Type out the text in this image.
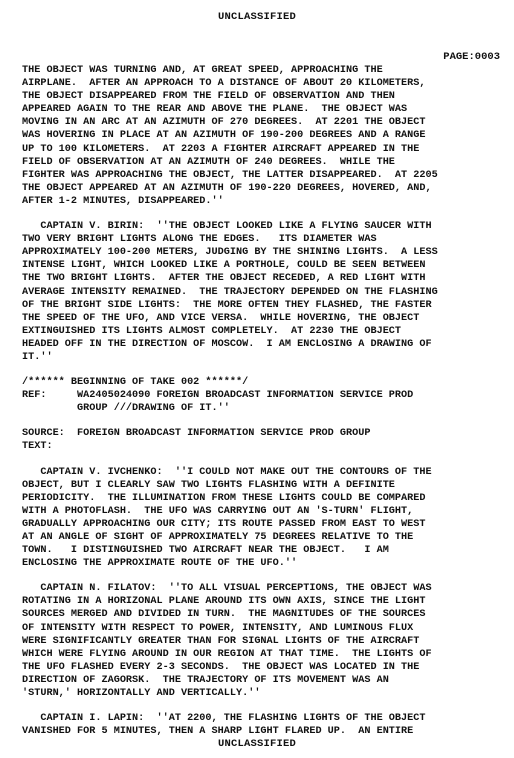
UNCLASSIFIED
PAGE:0003
THE OBJECT WAS TURNING AND, AT GREAT SPEED, APPROACHING THE
AIRPLANE.  AFTER AN APPROACH TO A DISTANCE OF ABOUT 20 KILOMETERS,
THE OBJECT DISAPPEARED FROM THE FIELD OF OBSERVATION AND THEN
APPEARED AGAIN TO THE REAR AND ABOVE THE PLANE.  THE OBJECT WAS
MOVING IN AN ARC AT AN AZIMUTH OF 270 DEGREES.  AT 2201 THE OBJECT
WAS HOVERING IN PLACE AT AN AZIMUTH OF 190-200 DEGREES AND A RANGE
UP TO 100 KILOMETERS.  AT 2203 A FIGHTER AIRCRAFT APPEARED IN THE
FIELD OF OBSERVATION AT AN AZIMUTH OF 240 DEGREES.  WHILE THE
FIGHTER WAS APPROACHING THE OBJECT, THE LATTER DISAPPEARED.  AT 2205
THE OBJECT APPEARED AT AN AZIMUTH OF 190-220 DEGREES, HOVERED, AND,
AFTER 1-2 MINUTES, DISAPPEARED.''
CAPTAIN V. BIRIN:  ''THE OBJECT LOOKED LIKE A FLYING SAUCER WITH
TWO VERY BRIGHT LIGHTS ALONG THE EDGES.   ITS DIAMETER WAS
APPROXIMATELY 100-200 METERS, JUDGING BY THE SHINING LIGHTS.  A LESS
INTENSE LIGHT, WHICH LOOKED LIKE A PORTHOLE, COULD BE SEEN BETWEEN
THE TWO BRIGHT LIGHTS.  AFTER THE OBJECT RECEDED, A RED LIGHT WITH
AVERAGE INTENSITY REMAINED.  THE TRAJECTORY DEPENDED ON THE FLASHING
OF THE BRIGHT SIDE LIGHTS:  THE MORE OFTEN THEY FLASHED, THE FASTER
THE SPEED OF THE UFO, AND VICE VERSA.  WHILE HOVERING, THE OBJECT
EXTINGUISHED ITS LIGHTS ALMOST COMPLETELY.  AT 2230 THE OBJECT
HEADED OFF IN THE DIRECTION OF MOSCOW.  I AM ENCLOSING A DRAWING OF
IT.''
/****** BEGINNING OF TAKE 002 ******/
REF:     WA2405024090 FOREIGN BROADCAST INFORMATION SERVICE PROD
GROUP ///DRAWING OF IT.''
SOURCE:  FOREIGN BROADCAST INFORMATION SERVICE PROD GROUP
TEXT:
CAPTAIN V. IVCHENKO:  ''I COULD NOT MAKE OUT THE CONTOURS OF THE
OBJECT, BUT I CLEARLY SAW TWO LIGHTS FLASHING WITH A DEFINITE
PERIODICITY.  THE ILLUMINATION FROM THESE LIGHTS COULD BE COMPARED
WITH A PHOTOFLASH.  THE UFO WAS CARRYING OUT AN 'S-TURN' FLIGHT,
GRADUALLY APPROACHING OUR CITY; ITS ROUTE PASSED FROM EAST TO WEST
AT AN ANGLE OF SIGHT OF APPROXIMATELY 75 DEGREES RELATIVE TO THE
TOWN.   I DISTINGUISHED TWO AIRCRAFT NEAR THE OBJECT.   I AM
ENCLOSING THE APPROXIMATE ROUTE OF THE UFO.''
CAPTAIN N. FILATOV:  ''TO ALL VISUAL PERCEPTIONS, THE OBJECT WAS
ROTATING IN A HORIZONAL PLANE AROUND ITS OWN AXIS, SINCE THE LIGHT
SOURCES MERGED AND DIVIDED IN TURN.  THE MAGNITUDES OF THE SOURCES
OF INTENSITY WITH RESPECT TO POWER, INTENSITY, AND LUMINOUS FLUX
WERE SIGNIFICANTLY GREATER THAN FOR SIGNAL LIGHTS OF THE AIRCRAFT
WHICH WERE FLYING AROUND IN OUR REGION AT THAT TIME.  THE LIGHTS OF
THE UFO FLASHED EVERY 2-3 SECONDS.  THE OBJECT WAS LOCATED IN THE
DIRECTION OF ZAGORSK.  THE TRAJECTORY OF ITS MOVEMENT WAS AN
'STURN,' HORIZONTALLY AND VERTICALLY.''
CAPTAIN I. LAPIN:  ''AT 2200, THE FLASHING LIGHTS OF THE OBJECT
VANISHED FOR 5 MINUTES, THEN A SHARP LIGHT FLARED UP.  AN ENTIRE
UNCLASSIFIED
